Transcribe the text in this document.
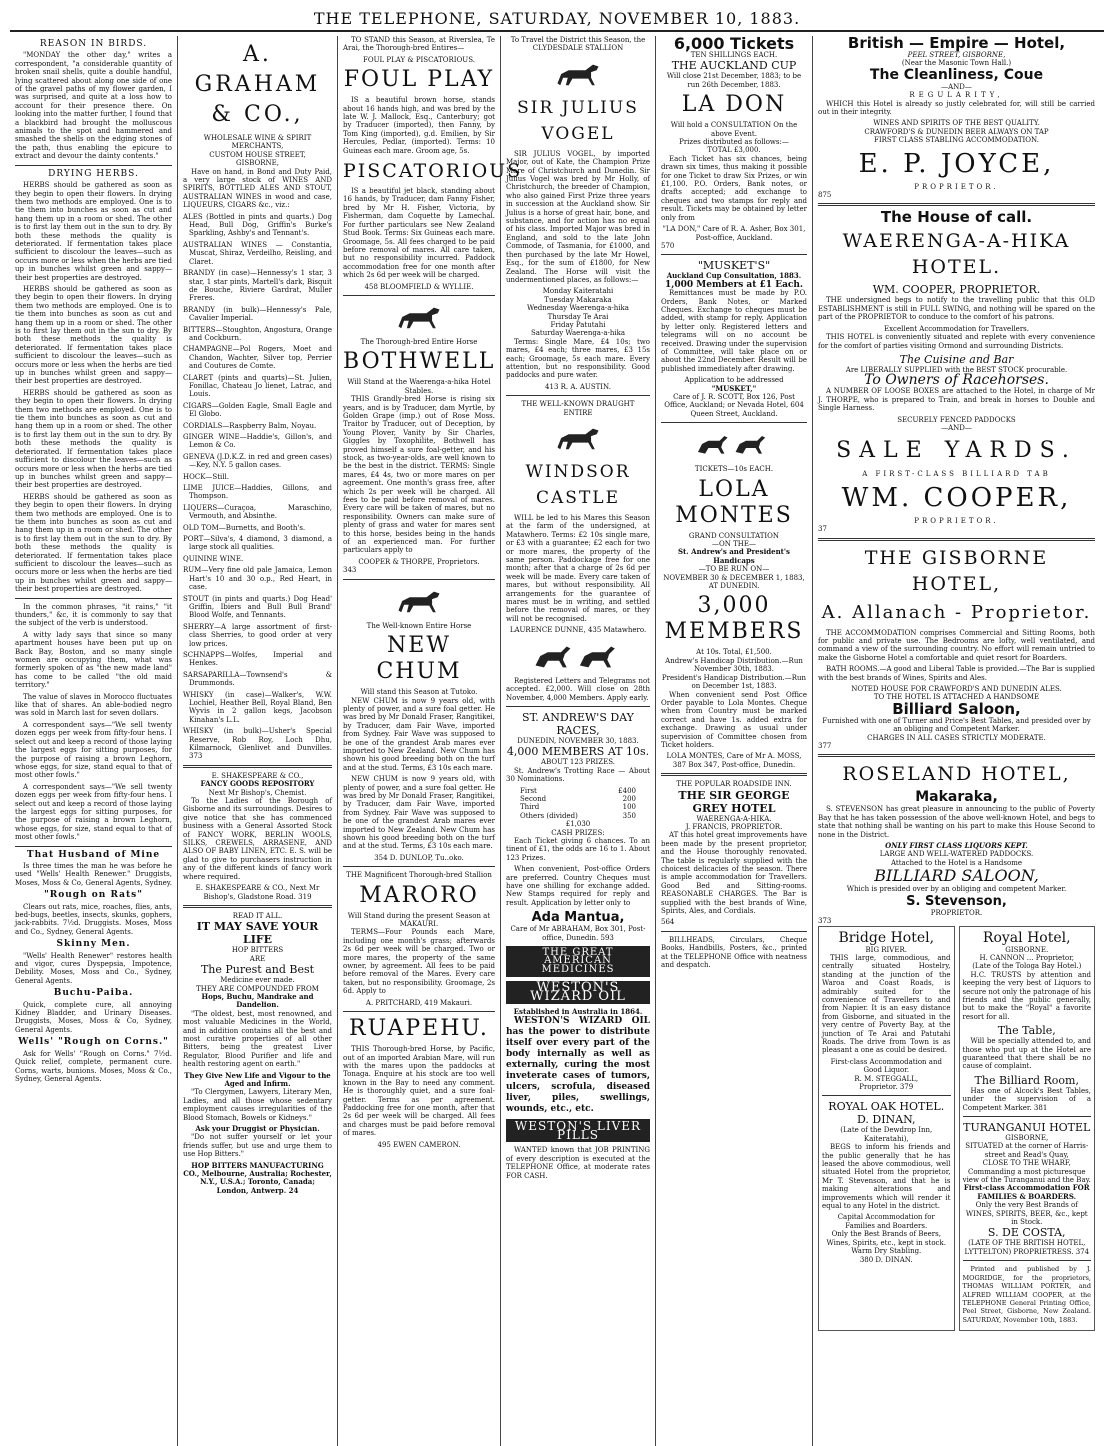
THE TELEPHONE, SATURDAY, NOVEMBER 10, 1883.
REASON IN BIRDS.
"MONDAY the other day," writes a correspondent, "a considerable quantity of broken snail shells, quite a double handful, lying scattered about along one side of one of the gravel paths of my flower garden, I was surprised, and quite at a loss how to account for their presence there. On looking into the matter further, I found that a blackbird had brought the molluscous animals to the spot and hammered and smashed the shells on the edging stones of the path, thus enabling the epicure to extract and devour the dainty contents."
DRYING HERBS.
HERBS should be gathered as soon as they begin to open their flowers. In drying them two methods are employed. One is to tie them into bunches as soon as cut and hang them up in a room or shed. The other is to first lay them out in the sun to dry. By both these methods the quality is deteriorated. If fermentation takes place sufficient to discolour the leaves—such as occurs more or less when the herbs are tied up in bunches whilst green and sappy—their best properties are destroyed.
HERBS should be gathered as soon as they begin to open their flowers. In drying them two methods are employed. One is to tie them into bunches as soon as cut and hang them up in a room or shed. The other is to first lay them out in the sun to dry. By both these methods the quality is deteriorated. If fermentation takes place sufficient to discolour the leaves—such as occurs more or less when the herbs are tied up in bunches whilst green and sappy—their best properties are destroyed.
HERBS should be gathered as soon as they begin to open their flowers. In drying them two methods are employed. One is to tie them into bunches as soon as cut and hang them up in a room or shed. The other is to first lay them out in the sun to dry. By both these methods the quality is deteriorated. If fermentation takes place sufficient to discolour the leaves—such as occurs more or less when the herbs are tied up in bunches whilst green and sappy—their best properties are destroyed.
HERBS should be gathered as soon as they begin to open their flowers. In drying them two methods are employed. One is to tie them into bunches as soon as cut and hang them up in a room or shed. The other is to first lay them out in the sun to dry. By both these methods the quality is deteriorated. If fermentation takes place sufficient to discolour the leaves—such as occurs more or less when the herbs are tied up in bunches whilst green and sappy—their best properties are destroyed.
In the common phrases, "it rains," "it thunders," &c, it is commonly to say that the subject of the verb is understood.
A witty lady says that since so many apartment houses have been put up on Back Bay, Boston, and so many single women are occupying them, what was formerly spoken of as "the new made land" has come to be called "the old maid territory."
The value of slaves in Morocco fluctuates like that of shares. An able-bodied negro was sold in March last for seven dollars.
A correspondent says—"We sell twenty dozen eggs per week from fifty-four hens. I select out and keep a record of those laying the largest eggs for sitting purposes, for the purpose of raising a brown Leghorn, whose eggs, for size, stand equal to that of most other fowls."
A correspondent says—"We sell twenty dozen eggs per week from fifty-four hens. I select out and keep a record of those laying the largest eggs for sitting purposes, for the purpose of raising a brown Leghorn, whose eggs, for size, stand equal to that of most other fowls."
That Husband of Mine
Is three times the man he was before he used "Wells' Health Renewer." Druggists, Moses, Moss & Co, General Agents, Sydney.
"Rough on Rats"
Clears out rats, mice, roaches, flies, ants, bed-bugs, beetles, insects, skunks, gophers, jack-rabbits. 7½d. Druggists. Moses, Moss and Co., Sydney, General Agents.
Skinny Men.
"Wells' Health Renewer" restores health and vigor, cures Dyspepsia, Impotence, Debility. Moses, Moss and Co., Sydney, General Agents.
Buchu-Paiba.
Quick, complete cure, all annoying Kidney Bladder, and Urinary Diseases. Druggists, Moses, Moss & Co, Sydney, General Agents.
Wells' "Rough on Corns."
Ask for Wells' "Rough on Corns." 7½d. Quick relief, complete, permanent cure. Corns, warts, bunions. Moses, Moss & Co., Sydney, General Agents.
A. GRAHAM & CO.,
WHOLESALE WINE & SPIRIT MERCHANTS,
CUSTOM HOUSE STREET,
GISBORNE,
Have on hand, in Bond and Duty Paid, a very large stock of WINES AND SPIRITS, BOTTLED ALES AND STOUT, AUSTRALIAN WINES in wood and case, LIQUEURS, CIGARS &c., viz.:
ALES (Bottled in pints and quarts.) Dog Head, Bull Dog, Griffin's Burke's Sparkling, Ashby's and Tennant's.
AUSTRALIAN WINES — Constantia, Muscat, Shiraz, Verdeilho, Reisling, and Claret.
BRANDY (in case)—Hennessy's 1 star, 3 star, 1 star pints, Martell's dark, Bisquit de Bouche, Riviere Gardrat, Muller Freres.
BRANDY (in bulk)—Hennessy's Pale, Cavalier Imperial.
BITTERS—Stoughton, Angostura, Orange and Cockburn.
CHAMPAGNE—Pol Rogers, Moet and Chandon, Wachter, Silver top, Perrier and Coutures de Comte.
CLARET (pints and quarts)—St. Julien, Fonillac, Chateau Jo lienet, Latrac, and Louis.
CIGARS—Golden Eagle, Small Eagle and El Globo.
CORDIALS—Raspberry Balm, Noyau.
GINGER WINE—Haddie's, Gillon's, and Lemon & Co.
GENEVA (J.D.K.Z. in red and green cases)—Key, N.Y. 5 gallon cases.
HOCK—Still.
LIME JUICE—Haddies, Gillons, and Thompson.
LIQUERS—Curaçoa, Maraschino, Vermouth, and Absinthe.
OLD TOM—Burnetts, and Booth's.
PORT—Silva's, 4 diamond, 3 diamond, a large stock all qualities.
QUININE WINE.
RUM—Very fine old pale Jamaica, Lemon Hart's 10 and 30 o.p., Red Heart, in case.
STOUT (in pints and quarts.) Dog Head' Griffin, Ibiers and Bull Bull Brand' Blood Wolfe, and Tennants.
SHERRY—A large assortment of first-class Sherries, to good order at very low prices.
SCHNAPPS—Wolfes, Imperial and Henkes.
SARSAPARILLA—Townsend's & Drummonds.
WHISKY (in case)—Walker's, W.W. Lochiel, Heather Bell, Royal Bland, Ben Wyvis in 2 gallon kegs, Jacobson Kinahan's L.L.
WHISKY (in bulk)—Usher's Special Reserve, Rob Roy, Loch Dhu, Kilmarnock, Glenlivet and Dunvilles. 373
E. SHAKESPEARE & CO.,
FANCY GOODS REPOSITORY
Next Mr Bishop's, Chemist.
To the Ladies of the Borough of Gisborne and its surroundings. Desires to give notice that she has commenced business with a General Assorted Stock of FANCY WORK, BERLIN WOOLS, SILKS, CREWELS, ARRASENE, AND ALSO OF BABY LINEN, ETC. E. S. will be glad to give to purchasers instruction in any of the different kinds of fancy work where required.
E. SHAKESPEARE & CO., Next Mr Bishop's, Gladstone Road. 319
READ IT ALL.
IT MAY SAVE YOUR LIFE
HOP BITTERS
ARE
The Purest and Best
Medicine ever made.
THEY ARE COMPOUNDED FROM
Hops, Buchu, Mandrake and Dandelion.
"The oldest, best, most renowned, and most valuable Medicines in the World, and in addition contains all the best and most curative properties of all other Bitters, being the greatest Liver Regulator, Blood Purifier and life and health restoring agent on earth."
They Give New Life and Vigour to the Aged and Infirm.
"To Clergymen, Lawyers, Literary Men, Ladies, and all those whose sedentary employment causes irregularities of the Blood Stomach, Bowels or Kidneys."
Ask your Druggist or Physician.
"Do not suffer yourself or let your friends suffer, but use and urge them to use Hop Bitters."
HOP BITTERS MANUFACTURING CO., Melbourne, Australia; Rochester, N.Y., U.S.A.; Toronto, Canada; London, Antwerp. 24
TO STAND this Season, at Riverslea, Te Arai, the Thorough-bred Entires—
FOUL PLAY & PISCATORIOUS.
FOUL PLAY
IS a beautiful brown horse, stands about 16 hands high, and was bred by the late W. J. Mallock, Esq., Canterbury; got by Traducer (imported), then Fanny, by Tom King (imported), g.d. Emilien, by Sir Hercules, Pedlar, (imported). Terms: 10 Guineas each mare. Groom age, 5s.
PISCATORIOUS
IS a beautiful jet black, standing about 16 hands, by Traducer, dam Fanny Fisher, bred by Mr H. Fisher, Victoria, by Fisherman, dam Coquette by Lamechal. For further particulars see New Zealand Stud Book. Terms: Six Guineas each mare. Groomage, 5s. All fees charged to be paid before removal of mares. All care taken, but no responsibility incurred. Paddock accommodation free for one month after which 2s 6d per week will be charged.
458 BLOOMFIELD & WYLLIE.
The Thorough-bred Entire Horse
BOTHWELL
Will Stand at the Waerenga-a-hika Hotel Stables.
THIS Grandly-bred Horse is rising six years, and is by Traducer, dam Myrtle, by Golden Grape (imp.) out of Rose Moss. Traitor by Traducer, out of Deception, by Young Plover, Vanity by Sir Charles, Giggles by Toxophilite, Bothwell has proved himself a sure foal-getter, and his stock, as two-year-olds, are well known to be the best in the district. TERMS: Single mares, £4 4s, two or more mares on per agreement. One month's grass free, after which 2s per week will be charged. All fees to be paid before removal of mares. Every care will be taken of mares, but no responsibility. Owners can make sure of plenty of grass and water for mares sent to this horse, besides being in the hands of an experienced man. For further particulars apply to
COOPER & THORPE, Proprietors.
343
The Well-known Entire Horse
NEW CHUM
Will stand this Season at Tutoko.
NEW CHUM is now 9 years old, with plenty of power, and a sure foal getter. He was bred by Mr Donald Fraser, Rangitikei, by Traducer, dam Fair Wave, imported from Sydney. Fair Wave was supposed to be one of the grandest Arab mares ever imported to New Zealand. New Chum has shown his good breeding both on the turf and at the stud. Terms, £3 10s each mare.
NEW CHUM is now 9 years old, with plenty of power, and a sure foal getter. He was bred by Mr Donald Fraser, Rangitikei, by Traducer, dam Fair Wave, imported from Sydney. Fair Wave was supposed to be one of the grandest Arab mares ever imported to New Zealand. New Chum has shown his good breeding both on the turf and at the stud. Terms, £3 10s each mare.
354 D. DUNLOP, Tu..oko.
THE Magnificent Thorough-bred Stallion
MARORO
Will Stand during the present Season at MAKAURI.
TERMS—Four Pounds each Mare, including one month's grass; afterwards 2s 6d per week will be charged. Two or more mares, the property of the same owner, by agreement. All fees to be paid before removal of the Mares. Every care taken, but no responsibility. Groomage, 2s 6d. Apply to
A. PRITCHARD, 419 Makauri.
RUAPEHU.
THIS Thorough-bred Horse, by Pacific, out of an imported Arabian Mare, will run with the mares upon the paddocks at Tonaga. Enquire at his stock are too well known in the Bay to need any comment. He is thoroughly quiet, and a sure foal-getter. Terms as per agreement. Paddocking free for one month, after that 2s 6d per week will be charged. All fees and charges must be paid before removal of mares.
495 EWEN CAMERON.
To Travel the District this Season, the CLYDESDALE STALLION
SIR JULIUS VOGEL
SIR JULIUS VOGEL, by imported Major, out of Kate, the Champion Prize Mare of Christchurch and Dunedin. Sir Julius Vogel was bred by Mr Holly, of Christchurch, the breeder of Champion, who also gained First Prize three years in succession at the Auckland show. Sir Julius is a horse of great hair, bone, and substance, and for action has no equal of his class. Imported Major was bred in England, and sold to the late John Commode, of Tasmania, for £1000, and then purchased by the late Mr Howel, Esq., for the sum of £1800, for New Zealand. The Horse will visit the undermentioned places, as follows:—
Monday Kaiteratahi
Tuesday Makaraka
Wednesday Waerenga-a-hika
Thursday Te Arai
Friday Patutahi
Saturday Waerenga-a-hika
Terms: Single Mare, £4 10s; two mares, £4 each; three mares, £3 15s each; Groomage, 5s each mare. Every attention, but no responsibility. Good paddocks and pure water.
413 R. A. AUSTIN.
THE WELL-KNOWN DRAUGHT ENTIRE
WINDSOR CASTLE
WILL be led to his Mares this Season at the farm of the undersigned, at Matawhero. Terms: £2 10s single mare, or £3 with a guarantee; £2 each for two or more mares, the property of the same person. Paddockage free for one month; after that a charge of 2s 6d per week will be made. Every care taken of mares, but without responsibility. All arrangements for the guarantee of mares must be in writing, and settled before the removal of mares, or they will not be recognised.
LAURENCE DUNNE, 435 Matawhero.
Registered Letters and Telegrams not accepted. £2,000. Will close on 28th November, 4,000 Members. Apply early.
ST. ANDREW'S DAY RACES,
DUNEDIN, NOVEMBER 30, 1883.
4,000 MEMBERS AT 10s.
ABOUT 123 PRIZES.
St. Andrew's Trotting Race — About 30 Nominations.
First	£400
Second	200
Third	100
Others (divided)	350
£1,030
CASH PRIZES:
Each Ticket giving 6 chances. To an tinent of £1, the odds are 16 to 1. About 123 Prizes.
When convenient, Post-office Orders are preferred. Country Cheques must have one shilling for exchange added. New Stamps required for reply and result. Application by letter only to
Ada Mantua,
Care of Mr ABRAHAM, Box 301, Post-office, Dunedin. 593
THE GREAT AMERICAN MEDICINES
WESTON'S WIZARD OIL
Established in Australia in 1864.
WESTON'S WIZARD OIL has the power to distribute itself over every part of the body internally as well as externally, curing the most inveterate cases of tumors, ulcers, scrofula, diseased liver, piles, swellings, wounds, etc., etc.
WESTON'S LIVER PILLS
WANTED known that JOB PRINTING of every description is executed at the TELEPHONE Office, at moderate rates FOR CASH.
6,000 Tickets
TEN SHILLINGS EACH.
THE AUCKLAND CUP
Will close 21st December, 1883; to be run 26th December, 1883.
LA DON
Will hold a CONSULTATION On the above Event.
Prizes distributed as follows:—
TOTAL £3,000.
Each Ticket has six chances, being drawn six times, thus making it possible for one Ticket to draw Six Prizes, or win £1,100. P.O. Orders, Bank notes, or drafts accepted; add exchange to cheques and two stamps for reply and result. Tickets may be obtained by letter only from
"LA DON," Care of R. A. Asher, Box 301, Post-office, Auckland.
570
"MUSKET'S"
Auckland Cup Consultation, 1883.
1,000 Members at £1 Each.
Remittances must be made by P.O. Orders, Bank Notes, or Marked Cheques. Exchange to cheques must be added, with stamp for reply. Application by letter only. Registered letters and telegrams will on no account be received. Drawing under the supervision of Committee, will take place on or about the 22nd December. Result will be published immediately after drawing.
Application to be addressed
"MUSKET,"
Care of J. R. SCOTT, Box 126, Post Office, Auckland; or Nevada Hotel, 604 Queen Street, Auckland.
TICKETS—10s EACH.
LOLA MONTES
GRAND CONSULTATION
—ON THE—
St. Andrew's and President's Handicaps
—TO BE RUN ON—
NOVEMBER 30 & DECEMBER 1, 1883, AT DUNEDIN.
3,000 MEMBERS
At 10s. Total, £1,500.
Andrew's Handicap Distribution.—Run November 30th, 1883.
President's Handicap Distribution.—Run on December 1st, 1883.
When convenient send Post Office Order payable to Lola Montes. Cheque when from Country must be marked correct and have 1s. added extra for exchange. Drawing as usual under supervision of Committee chosen from Ticket holders.
LOLA MONTES, Care of Mr A. MOSS, 387 Box 347, Post-office, Dunedin.
THE POPULAR ROADSIDE INN.
THE SIR GEORGE GREY HOTEL
WAERENGA-A-HIKA.
J. FRANCIS, PROPRIETOR.
AT this hotel great improvements have been made by the present proprietor, and the House thoroughly renovated. The table is regularly supplied with the choicest delicacies of the season. There is ample accommodation for Travellers. Good Bed and Sitting-rooms. REASONABLE CHARGES. The Bar is supplied with the best brands of Wine, Spirits, Ales, and Cordials.
564
BILLHEADS, Circulars, Cheque Books, Handbills, Posters, &c., printed at the TELEPHONE Office with neatness and despatch.
British — Empire — Hotel,
PEEL STREET, GISBORNE,
(Near the Masonic Town Hall.)
The Cleanliness, Coue
—AND—
REGULARITY,
WHICH this Hotel is already so justly celebrated for, will still be carried out in their integrity.
WINES AND SPIRITS OF THE BEST QUALITY.
CRAWFORD'S & DUNEDIN BEER ALWAYS ON TAP
FIRST CLASS STABLING ACCOMMODATION.
E. P. JOYCE,
PROPRIETOR.
875
The House of call.
WAERENGA-A-HIKA HOTEL.
WM. COOPER, PROPRIETOR.
THE undersigned begs to notify to the travelling public that this OLD ESTABLISHMENT is still in FULL SWING, and nothing will be spared on the part of the PROPRIETOR to conduce to the comfort of his patrons.
Excellent Accommodation for Travellers.
THIS HOTEL is conveniently situated and replete with every convenience for the comfort of parties visiting Ormond and surrounding Districts.
The Cuisine and Bar
Are LIBERALLY SUPPLIED with the BEST STOCK procurable.
To Owners of Racehorses.
A NUMBER OF LOOSE BOXES are attached to the Hotel, in charge of Mr J. THORPE, who is prepared to Train, and break in horses to Double and Single Harness.
SECURELY FENCED PADDOCKS
—AND—
SALE YARDS.
A FIRST-CLASS BILLIARD TAB
WM. COOPER,
PROPRIETOR.
37
THE GISBORNE HOTEL,
A. Allanach - Proprietor.
THE ACCOMMODATION comprises Commercial and Sitting Rooms, both for public and private use. The Bedrooms are lofty, well ventilated, and command a view of the surrounding country. No effort will remain untried to make the Gisborne Hotel a comfortable and quiet resort for Boarders.
BATH ROOMS.—A good and Liberal Table is provided.—The Bar is supplied with the best brands of Wines, Spirits and Ales.
NOTED HOUSE FOR CRAWFORD'S AND DUNEDIN ALES.
TO THE HOTEL IS ATTACHED A HANDSOME
Billiard Saloon,
Furnished with one of Turner and Price's Best Tables, and presided over by an obliging and Competent Marker.
CHARGES IN ALL CASES STRICTLY MODERATE.
377
ROSELAND HOTEL,
Makaraka,
S. STEVENSON has great pleasure in announcing to the public of Poverty Bay that he has taken possession of the above well-known Hotel, and begs to state that nothing shall be wanting on his part to make this House Second to none in the District.
ONLY FIRST CLASS LIQUORS KEPT.
LARGE AND WELL-WATERED PADDOCKS.
Attached to the Hotel is a Handsome
BILLIARD SALOON,
Which is presided over by an obliging and competent Marker.
S. Stevenson,
PROPRIETOR.
373
Bridge Hotel,
BIG RIVER.
THIS large, commodious, and centrally situated Hostelry, standing at the junction of the Waroa and Coast Roads, is admirably suited for the convenience of Travellers to and from Napier. It is an easy distance from Gisborne, and situated in the very centre of Poverty Bay, at the junction of Te Arai and Patutahi Roads. The drive from Town is as pleasant a one as could be desired.
First-class Accommodation and Good Liquor.
R. M. STEGGALL,
Proprietor. 379
ROYAL OAK HOTEL.
D. DINAN,
(Late of the Dewdrop Inn, Kaiteratahi),
BEGS to inform his friends and the public generally that he has leased the above commodious, well situated Hotel from the proprietor, Mr T. Stevenson, and that he is making alterations and improvements which will render it equal to any Hotel in the district.
Capital Accommodation for Families and Boarders.
Only the Best Brands of Beers, Wines, Spirits, etc., kept in stock.
Warm Dry Stabling.
380 D. DINAN.
Royal Hotel,
GISBORNE.
H. CANNON ... Proprietor,
(Late of the Tologa Bay Hotel.)
H.C. TRUSTS by attention and keeping the very best of Liquors to secure not only the patronage of his friends and the public generally, but to make the "Royal" a favorite resort for all.
The Table,
Will be specially attended to, and those who put up at the Hotel are guaranteed that there shall be no cause of complaint.
The Billiard Room,
Has one of Alcock's Best Tables, under the supervision of a Competent Marker. 381
TURANGANUI HOTEL
GISBORNE,
SITUATED at the corner of Harris-street and Read's Quay,
CLOSE TO THE WHARF,
Commanding a most picturesque view of the Turanganui and the Bay.
First-class Accommodation FOR FAMILIES & BOARDERS.
Only the very Best Brands of WINES, SPIRITS, BEER, &c., kept in Stock.
S. DE COSTA,
(LATE OF THE BRITISH HOTEL, LYTTELTON) PROPRIETRESS. 374
Printed and published by J. MOGRIDGE, for the proprietors, THOMAS WILLIAM PORTER, and ALFRED WILLIAM COOPER, at the TELEPHONE General Printing Office, Peel Street, Gisborne, New Zealand. SATURDAY, November 10th, 1883.
